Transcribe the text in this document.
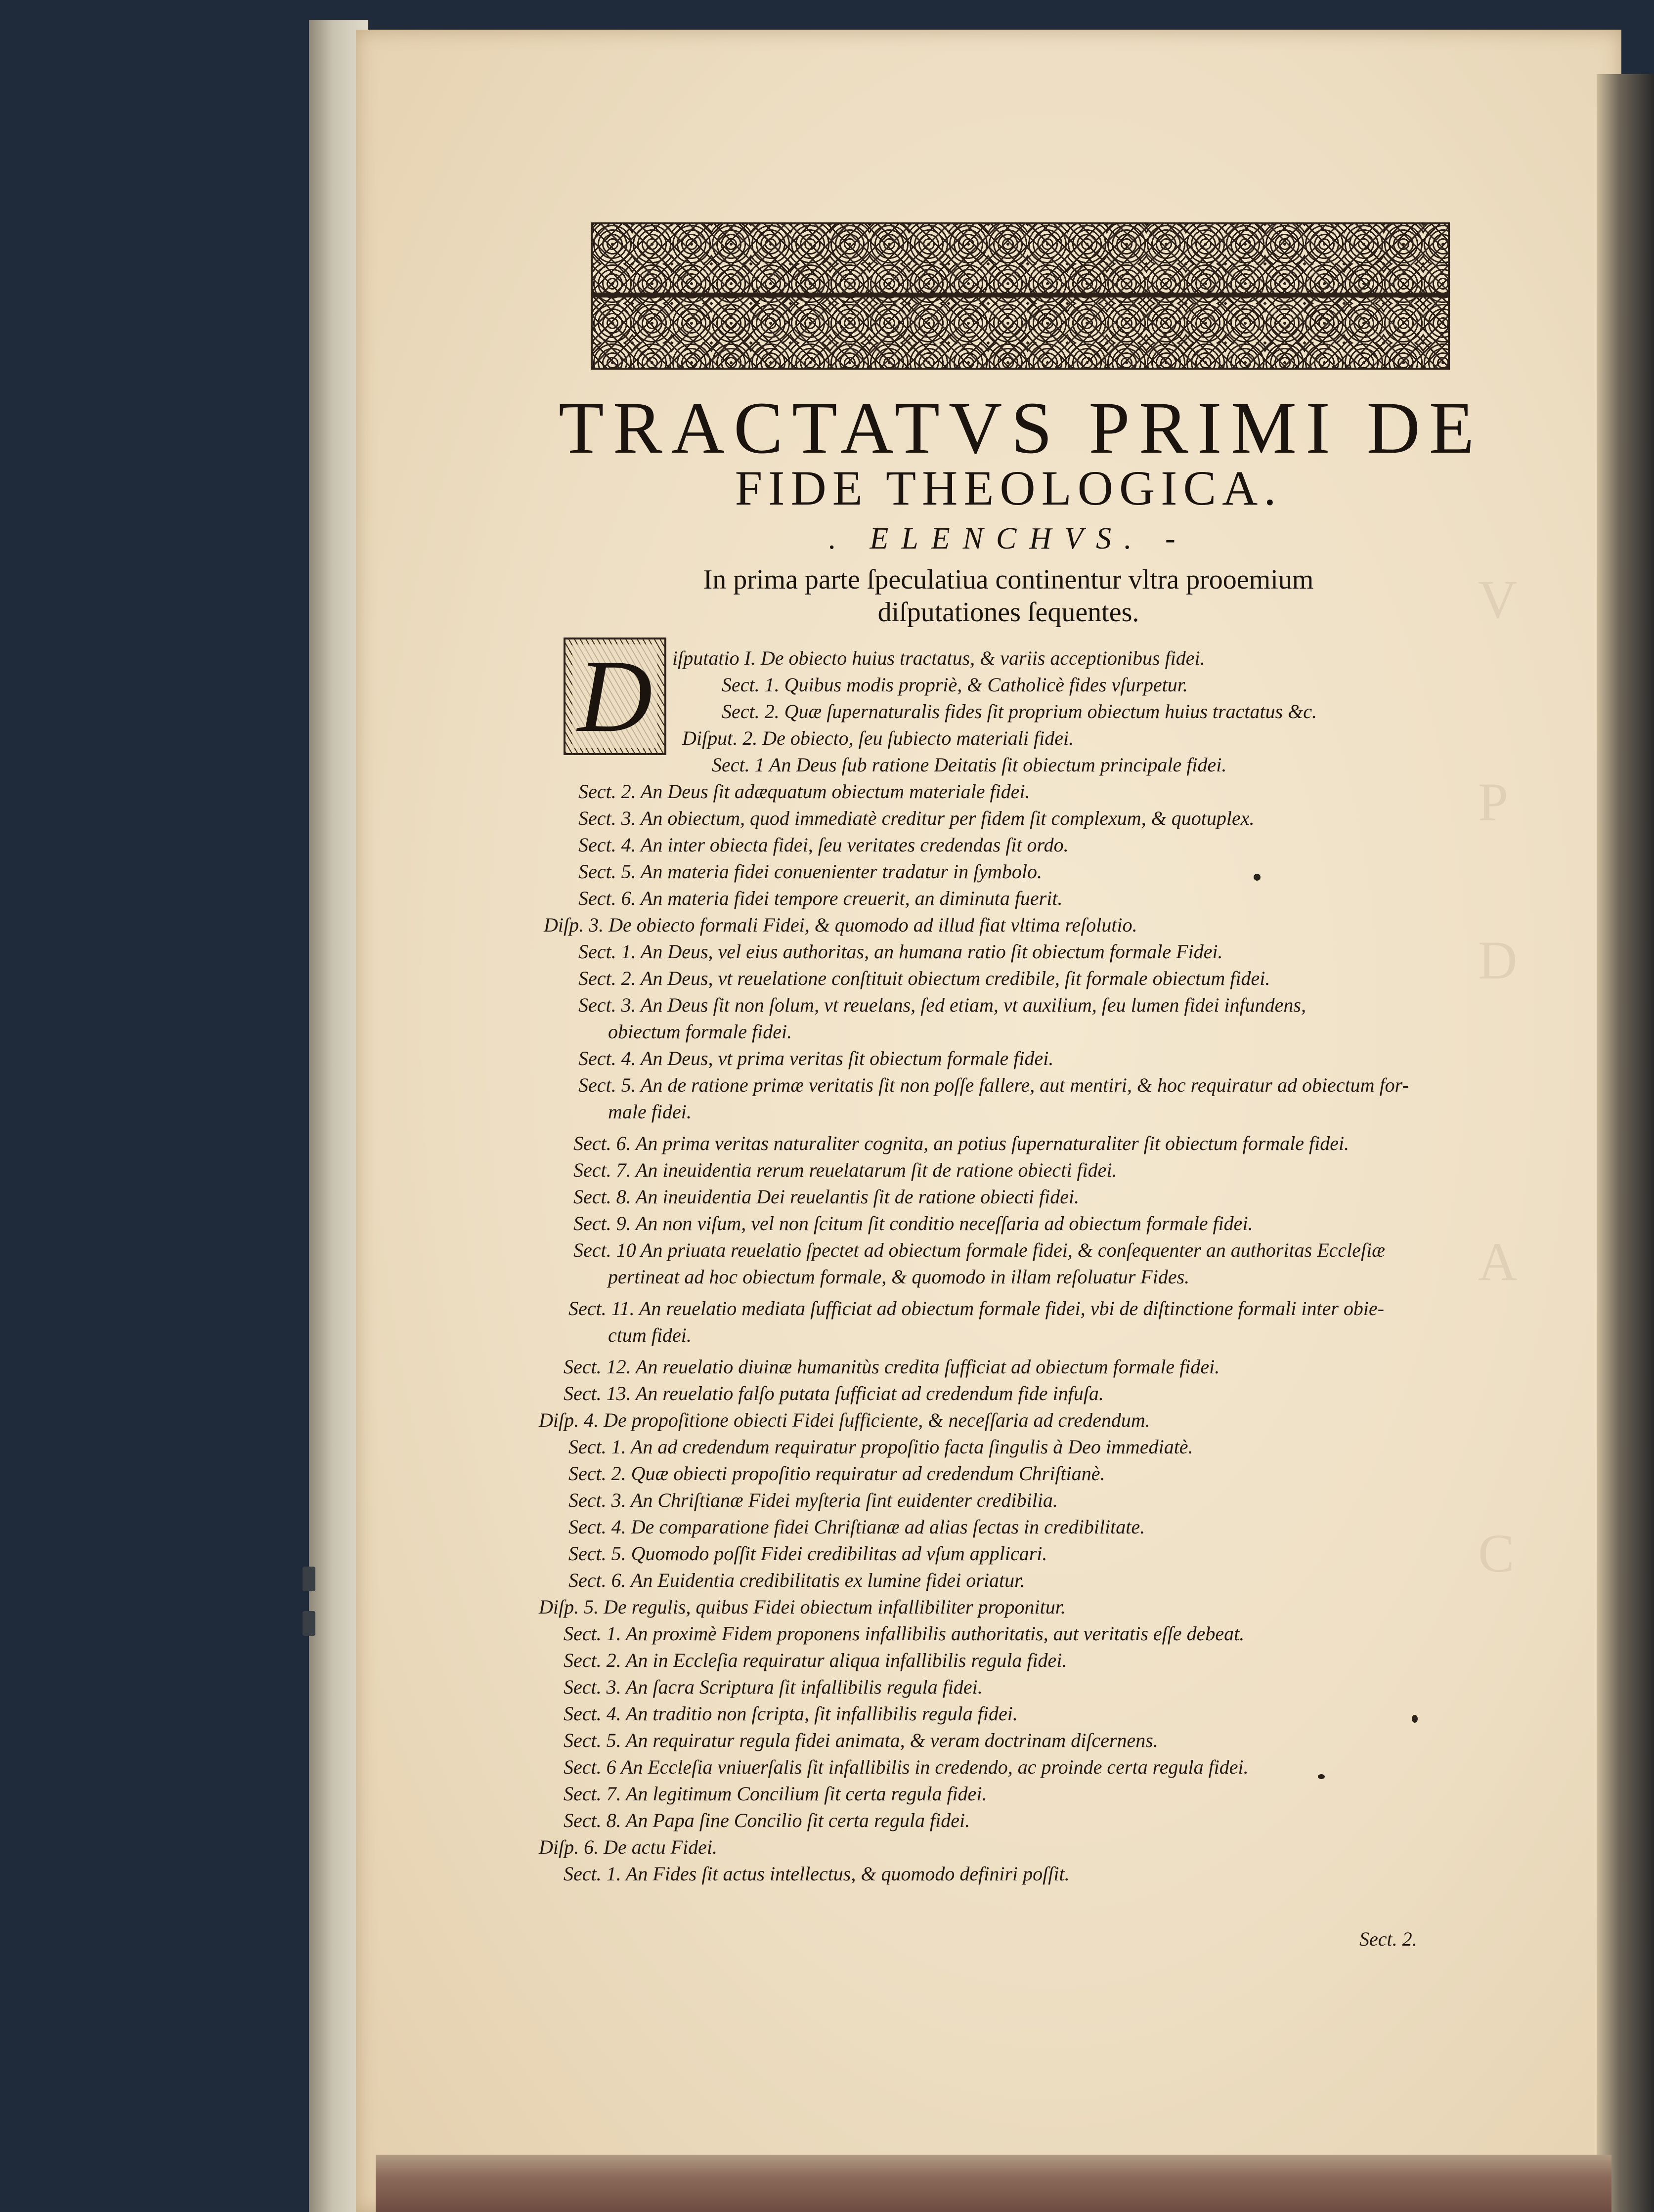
V
P
D
A
C
TRACTATVS PRIMI DE
FIDE THEOLOGICA.
. ELENCHVS. -
In prima parte ſpeculatiua continentur vltra prooemium
diſputationes ſequentes.
D iſputatio I. De obiecto huius tractatus, & variis acceptionibus fidei.
Sect. 1. Quibus modis propriè, & Catholicè fides vſurpetur.
Sect. 2. Quæ ſupernaturalis fides ſit proprium obiectum huius tractatus &c.
Diſput. 2. De obiecto, ſeu ſubiecto materiali fidei.
Sect. 1 An Deus ſub ratione Deitatis ſit obiectum principale fidei.
Sect. 2. An Deus ſit adæquatum obiectum materiale fidei.
Sect. 3. An obiectum, quod immediatè creditur per fidem ſit complexum, & quotuplex.
Sect. 4. An inter obiecta fidei, ſeu veritates credendas ſit ordo.
Sect. 5. An materia fidei conuenienter tradatur in ſymbolo.
Sect. 6. An materia fidei tempore creuerit, an diminuta fuerit.
Diſp. 3. De obiecto formali Fidei, & quomodo ad illud fiat vltima reſolutio.
Sect. 1. An Deus, vel eius authoritas, an humana ratio ſit obiectum formale Fidei.
Sect. 2. An Deus, vt reuelatione conſtituit obiectum credibile, ſit formale obiectum fidei.
Sect. 3. An Deus ſit non ſolum, vt reuelans, ſed etiam, vt auxilium, ſeu lumen fidei infundens,
obiectum formale fidei.
Sect. 4. An Deus, vt prima veritas ſit obiectum formale fidei.
Sect. 5. An de ratione primæ veritatis ſit non poſſe fallere, aut mentiri, & hoc requiratur ad obiectum for-
male fidei.
Sect. 6. An prima veritas naturaliter cognita, an potius ſupernaturaliter ſit obiectum formale fidei.
Sect. 7. An ineuidentia rerum reuelatarum ſit de ratione obiecti fidei.
Sect. 8. An ineuidentia Dei reuelantis ſit de ratione obiecti fidei.
Sect. 9. An non viſum, vel non ſcitum ſit conditio neceſſaria ad obiectum formale fidei.
Sect. 10 An priuata reuelatio ſpectet ad obiectum formale fidei, & conſequenter an authoritas Eccleſiæ
pertineat ad hoc obiectum formale, & quomodo in illam reſoluatur Fides.
Sect. 11. An reuelatio mediata ſufficiat ad obiectum formale fidei, vbi de diſtinctione formali inter obie-
ctum fidei.
Sect. 12. An reuelatio diuinæ humanitùs credita ſufficiat ad obiectum formale fidei.
Sect. 13. An reuelatio falſo putata ſufficiat ad credendum fide infuſa.
Diſp. 4. De propoſitione obiecti Fidei ſufficiente, & neceſſaria ad credendum.
Sect. 1. An ad credendum requiratur propoſitio facta ſingulis à Deo immediatè.
Sect. 2. Quæ obiecti propoſitio requiratur ad credendum Chriſtianè.
Sect. 3. An Chriſtianæ Fidei myſteria ſint euidenter credibilia.
Sect. 4. De comparatione fidei Chriſtianæ ad alias ſectas in credibilitate.
Sect. 5. Quomodo poſſit Fidei credibilitas ad vſum applicari.
Sect. 6. An Euidentia credibilitatis ex lumine fidei oriatur.
Diſp. 5. De regulis, quibus Fidei obiectum infallibiliter proponitur.
Sect. 1. An proximè Fidem proponens infallibilis authoritatis, aut veritatis eſſe debeat.
Sect. 2. An in Eccleſia requiratur aliqua infallibilis regula fidei.
Sect. 3. An ſacra Scriptura ſit infallibilis regula fidei.
Sect. 4. An traditio non ſcripta, ſit infallibilis regula fidei.
Sect. 5. An requiratur regula fidei animata, & veram doctrinam diſcernens.
Sect. 6 An Eccleſia vniuerſalis ſit infallibilis in credendo, ac proinde certa regula fidei.
Sect. 7. An legitimum Concilium ſit certa regula fidei.
Sect. 8. An Papa ſine Concilio ſit certa regula fidei.
Diſp. 6. De actu Fidei.
Sect. 1. An Fides ſit actus intellectus, & quomodo definiri poſſit.
Sect. 2.
